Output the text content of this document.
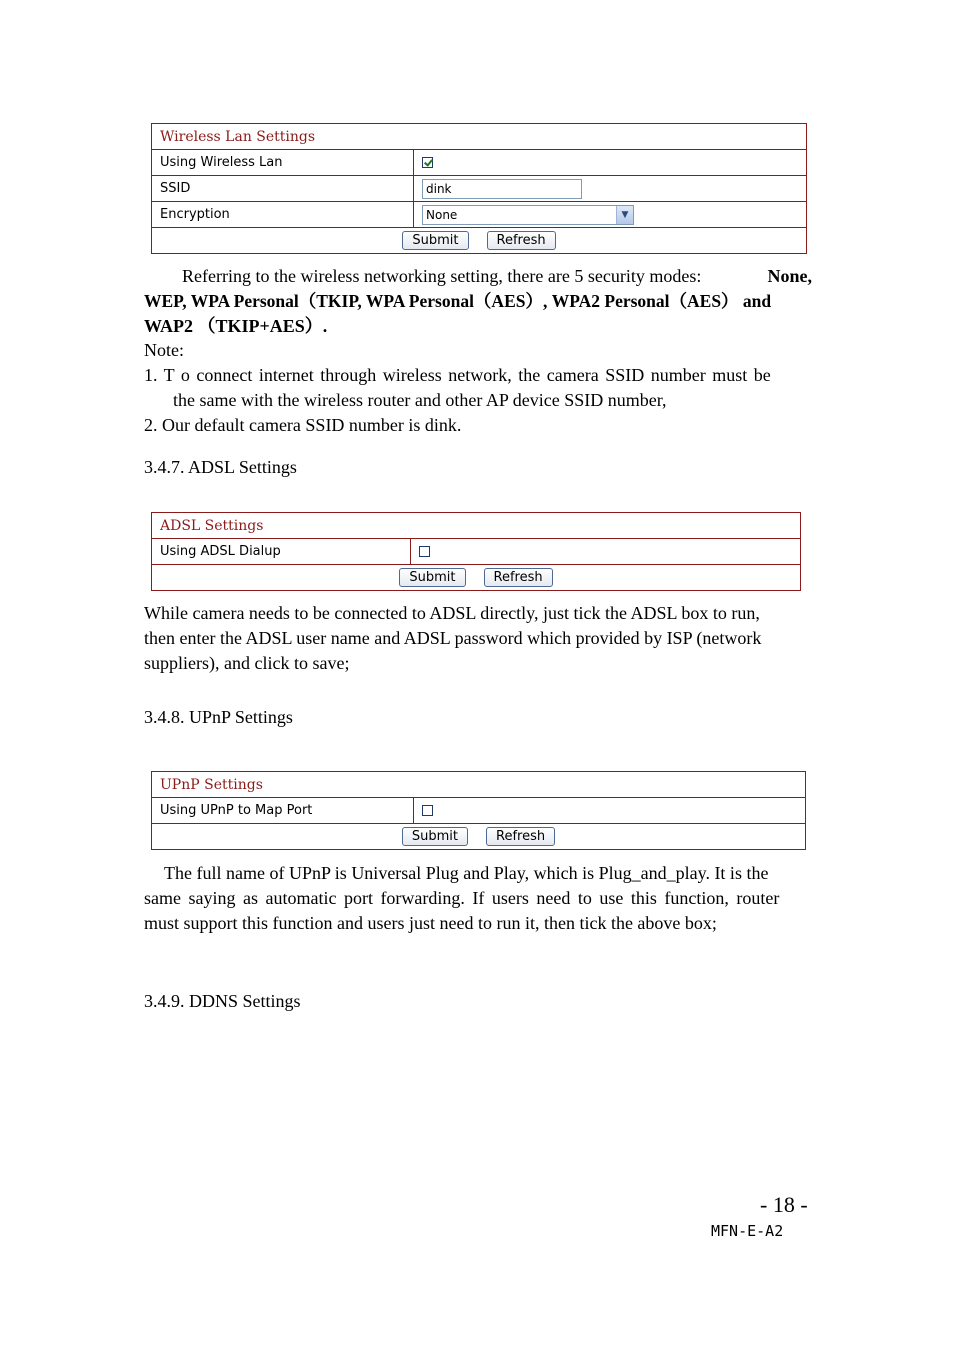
Wireless Lan Settings	
Using Wireless Lan	
SSID	dink
Encryption	None ▼

Submit Refresh	
Referring to the wireless networking setting, there are 5 security modes:	None,
WEP, WPA Personal（TKIP, WPA Personal（AES）, WPA2 Personal（AES） and
WAP2 （TKIP+AES）.
Note:
1. T o connect internet through wireless network, the camera SSID number must be
the same with the wireless router and other AP device SSID number,
2. Our default camera SSID number is dink.
3.4.7. ADSL Settings
ADSL Settings
Using ADSL Dialup	
Submit	Refresh
While camera needs to be connected to ADSL directly, just tick the ADSL box to run,
then enter the ADSL user name and ADSL password which provided by ISP (network
suppliers), and click to save;
3.4.8. UPnP Settings
UPnP Settings
Using UPnP to Map Port	
Submit	Refresh
The full name of UPnP is Universal Plug and Play, which is Plug_and_play. It is the
same saying as automatic port forwarding. If users need to use this function, router
must support this function and users just need to run it, then tick the above box;
3.4.9. DDNS Settings
- 18 -
MFN-E-A2
